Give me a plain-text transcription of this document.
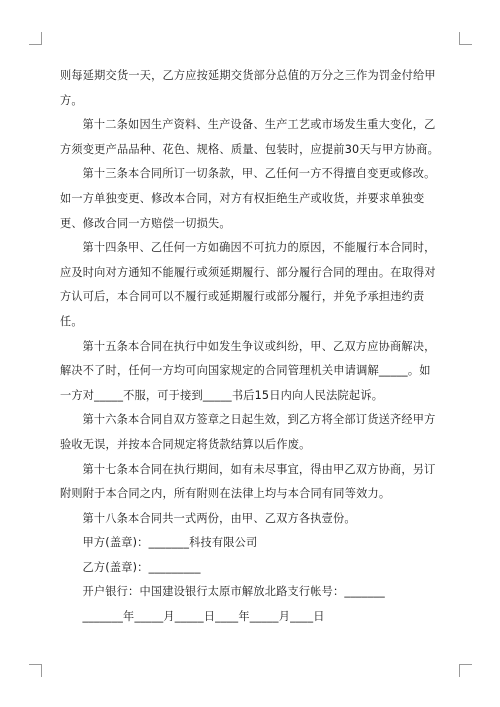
则每延期交货一天，乙方应按延期交货部分总值的万分之三作为罚金付给甲方。

第十二条如因生产资料、生产设备、生产工艺或市场发生重大变化，乙方须变更产品品种、花色、规格、质量、包装时，应提前30天与甲方协商。

第十三条本合同所订一切条款，甲、乙任何一方不得擅自变更或修改。如一方单独变更、修改本合同，对方有权拒绝生产或收货，并要求单独变更、修改合同一方赔偿一切损失。

第十四条甲、乙任何一方如确因不可抗力的原因，不能履行本合同时，应及时向对方通知不能履行或须延期履行、部分履行合同的理由。在取得对方认可后，本合同可以不履行或延期履行或部分履行，并免予承担违约责任。

第十五条本合同在执行中如发生争议或纠纷，甲、乙双方应协商解决，解决不了时，任何一方均可向国家规定的合同管理机关申请调解_____。如一方对_____不服，可于接到_____书后15日内向人民法院起诉。

第十六条本合同自双方签章之日起生效，到乙方将全部订货送齐经甲方验收无误，并按本合同规定将货款结算以后作废。

第十七条本合同在执行期间，如有未尽事宜，得由甲乙双方协商，另订附则附于本合同之内，所有附则在法律上均与本合同有同等效力。

第十八条本合同共一式两份，由甲、乙双方各执壹份。

甲方(盖章)：_______科技有限公司

乙方(盖章)：_________

开户银行：中国建设银行太原市解放北路支行帐号：_______

_______年_____月_____日____年_____月____日
